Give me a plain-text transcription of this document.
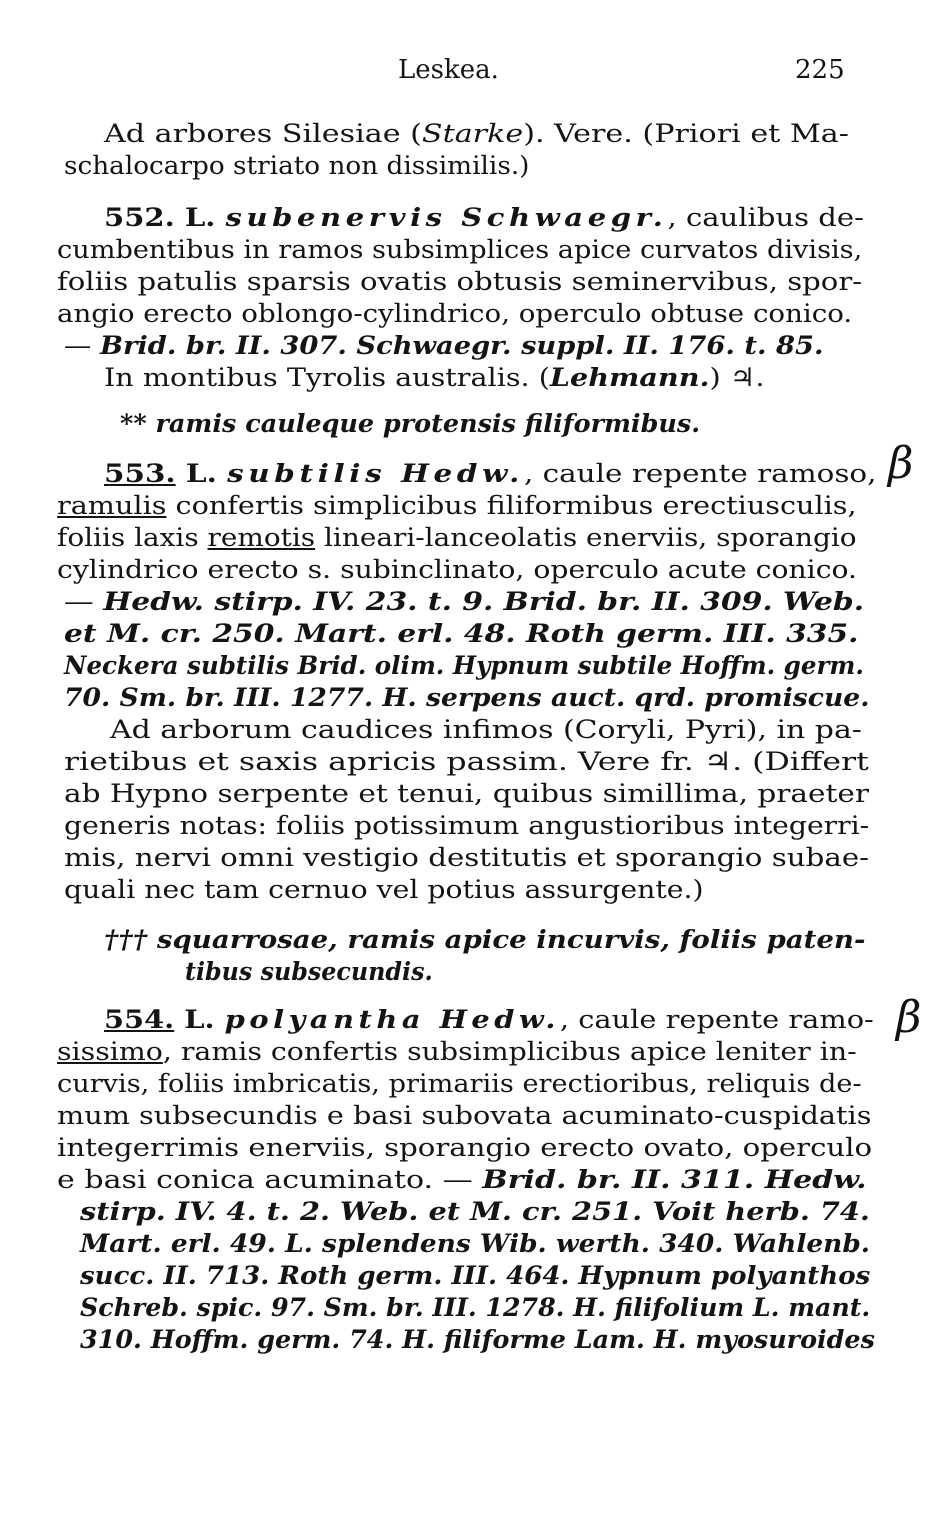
Leskea.	225
β
β
Ad arbores Silesiae (Starke). Vere. (Priori et Ma-
schalocarpo striato non dissimilis.)
552. L. subenervis Schwaegr., caulibus de-
cumbentibus in ramos subsimplices apice curvatos divisis,
foliis patulis sparsis ovatis obtusis seminervibus, spor-
angio erecto oblongo-cylindrico, operculo obtuse conico.
— Brid. br. II. 307. Schwaegr. suppl. II. 176. t. 85.
In montibus Tyrolis australis. (Lehmann.) ♃.
** ramis cauleque protensis filiformibus.
553. L. subtilis Hedw., caule repente ramoso,
ramulis confertis simplicibus filiformibus erectiusculis,
foliis laxis remotis lineari-lanceolatis enerviis, sporangio
cylindrico erecto s. subinclinato, operculo acute conico.
— Hedw. stirp. IV. 23. t. 9. Brid. br. II. 309. Web.
et M. cr. 250. Mart. erl. 48. Roth germ. III. 335.
Neckera subtilis Brid. olim. Hypnum subtile Hoffm. germ.
70. Sm. br. III. 1277. H. serpens auct. qrd. promiscue.
Ad arborum caudices infimos (Coryli, Pyri), in pa-
rietibus et saxis apricis passim. Vere fr. ♃. (Differt
ab Hypno serpente et tenui, quibus simillima, praeter
generis notas: foliis potissimum angustioribus integerri-
mis, nervi omni vestigio destitutis et sporangio subae-
quali nec tam cernuo vel potius assurgente.)
††† squarrosae, ramis apice incurvis, foliis paten-
tibus subsecundis.
554. L. polyantha Hedw., caule repente ramo-
sissimo, ramis confertis subsimplicibus apice leniter in-
curvis, foliis imbricatis, primariis erectioribus, reliquis de-
mum subsecundis e basi subovata acuminato-cuspidatis
integerrimis enerviis, sporangio erecto ovato, operculo
e basi conica acuminato. — Brid. br. II. 311. Hedw.
stirp. IV. 4. t. 2. Web. et M. cr. 251. Voit herb. 74.
Mart. erl. 49. L. splendens Wib. werth. 340. Wahlenb.
succ. II. 713. Roth germ. III. 464. Hypnum polyanthos
Schreb. spic. 97. Sm. br. III. 1278. H. filifolium L. mant.
310. Hoffm. germ. 74. H. filiforme Lam. H. myosuroides
